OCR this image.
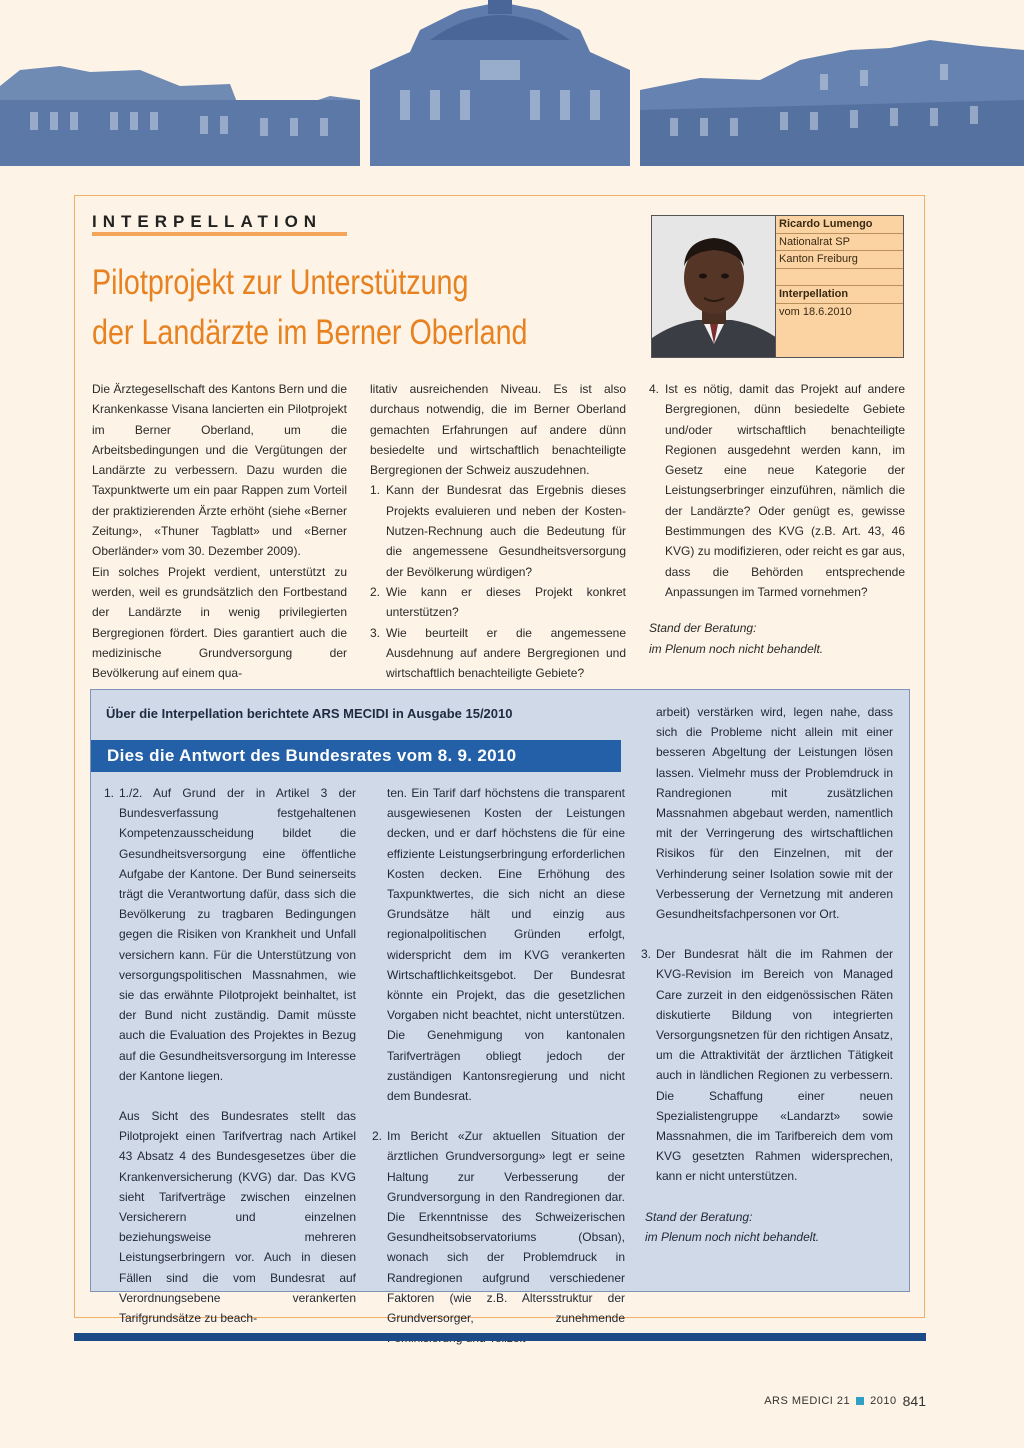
INTERPELLATION
Pilotprojekt zur Unterstützung
der Landärzte im Berner Oberland
Ricardo Lumengo
Nationalrat SP
Kanton Freiburg
Interpellation
vom 18.6.2010

Die Ärztegesellschaft des Kantons Bern und die Krankenkasse Visana lancierten ein Pilotprojekt im Berner Oberland, um die Arbeitsbedingungen und die Vergütungen der Landärzte zu verbessern. Dazu wurden die Taxpunktwerte um ein paar Rappen zum Vorteil der praktizierenden Ärzte erhöht (siehe «Berner Zeitung», «Thuner Tagblatt» und «Berner Oberländer» vom 30. Dezember 2009).

Ein solches Projekt verdient, unterstützt zu werden, weil es grundsätzlich den Fortbestand der Landärzte in wenig privilegierten Bergregionen fördert. Dies garantiert auch die medizinische Grundversorgung der Bevölkerung auf einem qua-

litativ ausreichenden Niveau. Es ist also durchaus notwendig, die im Berner Oberland gemachten Erfahrungen auf andere dünn besiedelte und wirtschaftlich benachteiligte Bergregionen der Schweiz auszudehnen.

1. Kann der Bundesrat das Ergebnis dieses Projekts evaluieren und neben der Kosten-Nutzen-Rechnung auch die Bedeutung für die angemessene Gesundheitsversorgung der Bevölkerung würdigen?
2. Wie kann er dieses Projekt konkret unterstützen?
3. Wie beurteilt er die angemessene Ausdehnung auf andere Bergregionen und wirtschaftlich benachteiligte Gebiete?
4. Ist es nötig, damit das Projekt auf andere Bergregionen, dünn besiedelte Gebiete und/oder wirtschaftlich benachteiligte Regionen ausgedehnt werden kann, im Gesetz eine neue Kategorie der Leistungserbringer einzuführen, nämlich die der Landärzte? Oder genügt es, gewisse Bestimmungen des KVG (z.B. Art. 43, 46 KVG) zu modifizieren, oder reicht es gar aus, dass die Behörden entsprechende Anpassungen im Tarmed vornehmen?

Stand der Beratung:

im Plenum noch nicht behandelt.

Über die Interpellation berichtete ARS MECIDI in Ausgabe 15/2010
Dies die Antwort des Bundesrates vom 8. 9. 2010
1. 1./2. Auf Grund der in Artikel 3 der Bundesverfassung festgehaltenen Kompetenzausscheidung bildet die Gesundheitsversorgung eine öffentliche Aufgabe der Kantone. Der Bund seinerseits trägt die Verantwortung dafür, dass sich die Bevölkerung zu tragbaren Bedingungen gegen die Risiken von Krankheit und Unfall versichern kann. Für die Unterstützung von versorgungspolitischen Massnahmen, wie sie das erwähnte Pilotprojekt beinhaltet, ist der Bund nicht zuständig. Damit müsste auch die Evaluation des Projektes in Bezug auf die Gesundheitsversorgung im Interesse der Kantone liegen.

Aus Sicht des Bundesrates stellt das Pilotprojekt einen Tarifvertrag nach Artikel 43 Absatz 4 des Bundesgesetzes über die Krankenversicherung (KVG) dar. Das KVG sieht Tarifverträge zwischen einzelnen Versicherern und einzelnen beziehungsweise mehreren Leistungserbringern vor. Auch in diesen Fällen sind die vom Bundesrat auf Verordnungsebene verankerten Tarifgrundsätze zu beach-

ten. Ein Tarif darf höchstens die transparent ausgewiesenen Kosten der Leistungen decken, und er darf höchstens die für eine effiziente Leistungserbringung erforderlichen Kosten decken. Eine Erhöhung des Taxpunktwertes, die sich nicht an diese Grundsätze hält und einzig aus regionalpolitischen Gründen erfolgt, widerspricht dem im KVG verankerten Wirtschaftlichkeitsgebot. Der Bundesrat könnte ein Projekt, das die gesetzlichen Vorgaben nicht beachtet, nicht unterstützen. Die Genehmigung von kantonalen Tarifverträgen obliegt jedoch der zuständigen Kantonsregierung und nicht dem Bundesrat.

2. Im Bericht «Zur aktuellen Situation der ärztlichen Grundversorgung» legt er seine Haltung zur Verbesserung der Grundversorgung in den Randregionen dar. Die Erkenntnisse des Schweizerischen Gesundheitsobservatoriums (Obsan), wonach sich der Problemdruck in Randregionen aufgrund verschiedener Faktoren (wie z.B. Altersstruktur der Grundversorger, zunehmende

arbeit) verstärken wird, legen nahe, dass sich die Probleme nicht allein mit einer besseren Abgeltung der Leistungen lösen lassen. Vielmehr muss der Problemdruck in Randregionen mit zusätzlichen Massnahmen abgebaut werden, namentlich mit der Verringerung des wirtschaftlichen Risikos für den Einzelnen, mit der Verhinderung seiner Isolation sowie mit der Verbesserung der Vernetzung mit anderen Gesundheitsfachpersonen vor Ort.

3. Der Bundesrat hält die im Rahmen der KVG-Revision im Bereich von Managed Care zurzeit in den eidgenössischen Räten diskutierte Bildung von integrierten Versorgungsnetzen für den richtigen Ansatz, um die Attraktivität der ärztlichen Tätigkeit auch in ländlichen Regionen zu verbessern. Die Schaffung einer neuen Spezialistengruppe «Landarzt» sowie Massnahmen, die im Tarifbereich dem vom KVG gesetzten Rahmen widersprechen, kann er nicht unterstützen.

Stand der Beratung:

im Plenum noch nicht behandelt.

ARS MEDICI 21 2010 841
